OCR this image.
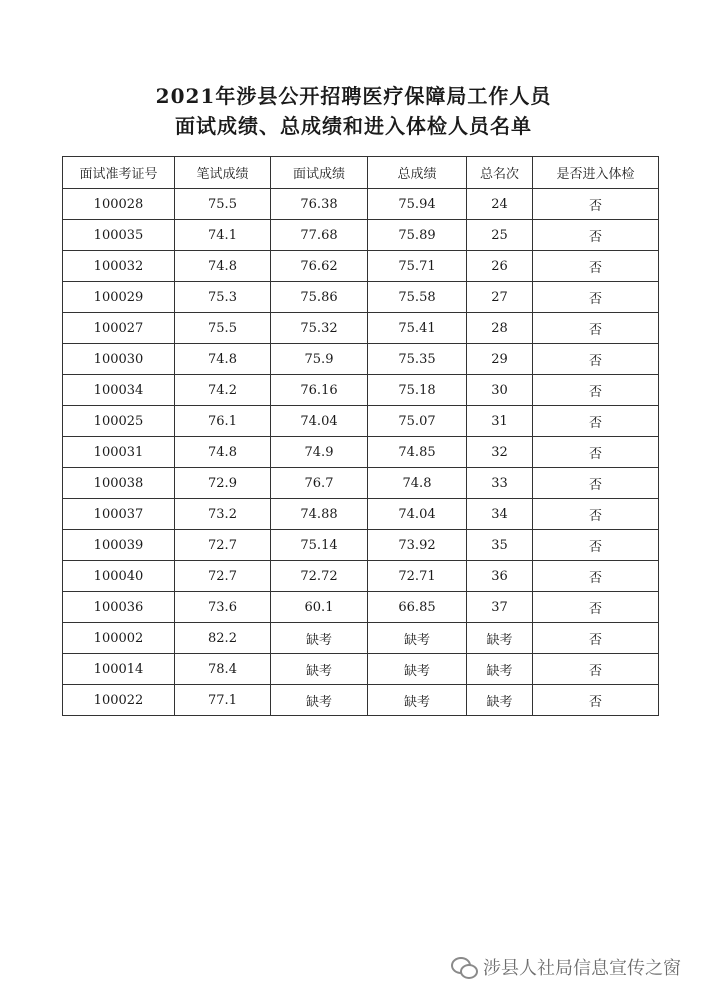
2021年涉县公开招聘医疗保障局工作人员
面试成绩、总成绩和进入体检人员名单
面试准考证号	笔试成绩	面试成绩	总成绩	总名次	是否进入体检
100028	75.5	76.38	75.94	24	否
100035	74.1	77.68	75.89	25	否
100032	74.8	76.62	75.71	26	否
100029	75.3	75.86	75.58	27	否
100027	75.5	75.32	75.41	28	否
100030	74.8	75.9	75.35	29	否
100034	74.2	76.16	75.18	30	否
100025	76.1	74.04	75.07	31	否
100031	74.8	74.9	74.85	32	否
100038	72.9	76.7	74.8	33	否
100037	73.2	74.88	74.04	34	否
100039	72.7	75.14	73.92	35	否
100040	72.7	72.72	72.71	36	否
100036	73.6	60.1	66.85	37	否
100002	82.2	缺考	缺考	缺考	否
100014	78.4	缺考	缺考	缺考	否
100022	77.1	缺考	缺考	缺考	否
涉县人社局信息宣传之窗
